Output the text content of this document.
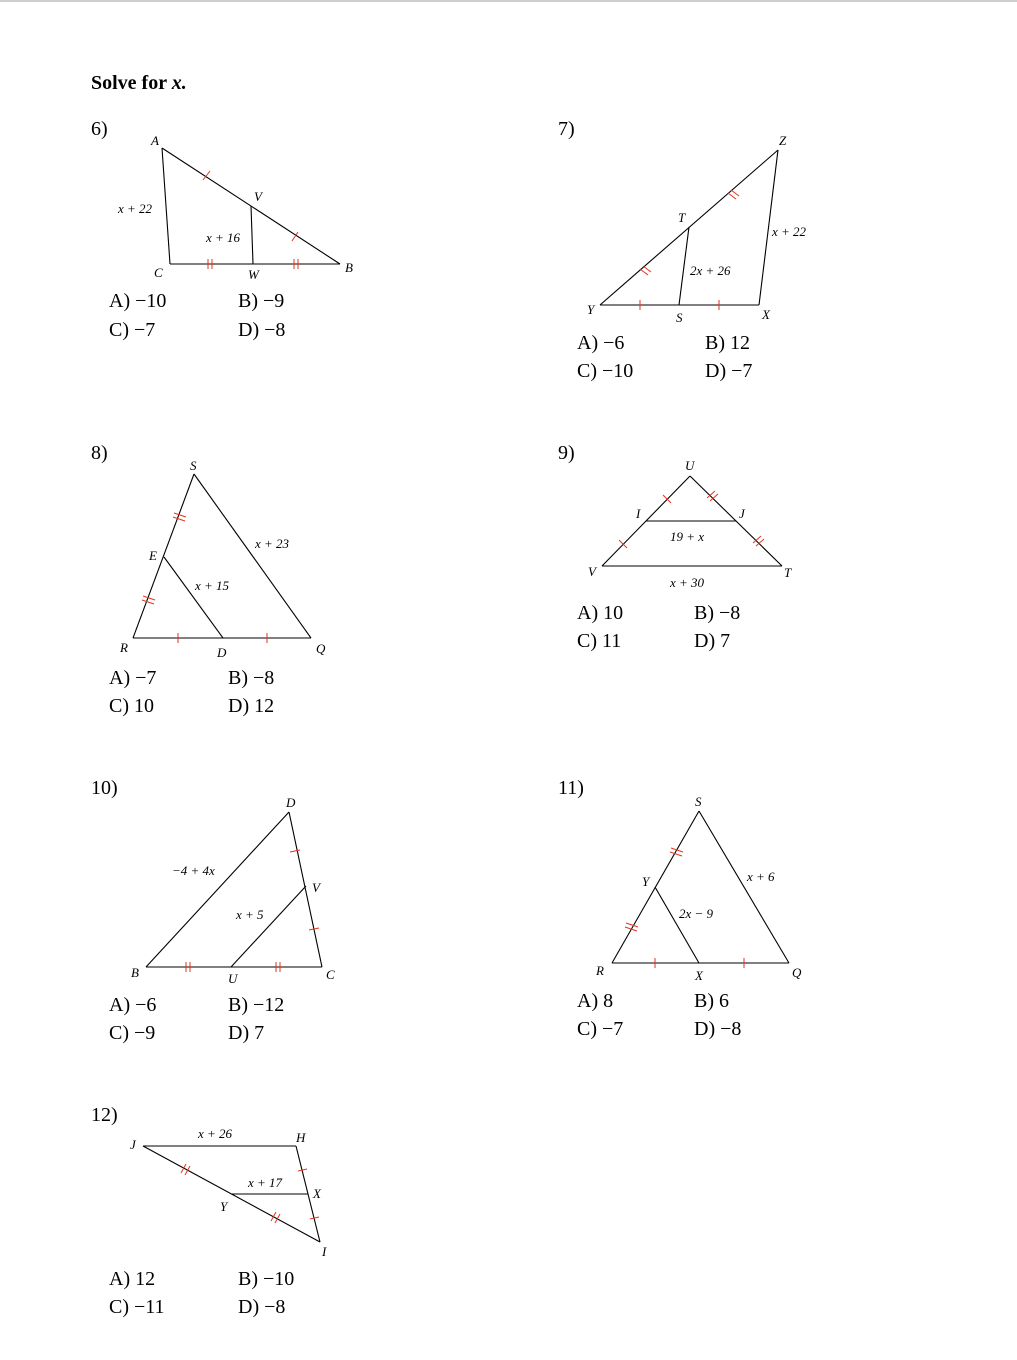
Solve for x.
6)
A
V
B
C	W
x + 22
x + 16
A) −10	B) −9
C) −7	D) −8
7)
Z
T
Y
S	X
x + 22
2x + 26
A) −6	B) 12
C) −10	D) −7
8)
S
E
R	D	Q
x + 23
x + 15
A) −7	B) −8
C) 10	D) 12
9)
U
I	J
V	T
19 + x
x + 30
A) 10	B) −8
C) 11	D) 7
10)
D
V
B	U	C
−4 + 4x
x + 5
A) −6	B) −12
C) −9	D) 7
11)
S
Y
R	X	Q
x + 6
2x − 9
A) 8	B) 6
C) −7	D) −8
12)
J	H
X
Y
I
x + 26
x + 17
A) 12	B) −10
C) −11	D) −8
